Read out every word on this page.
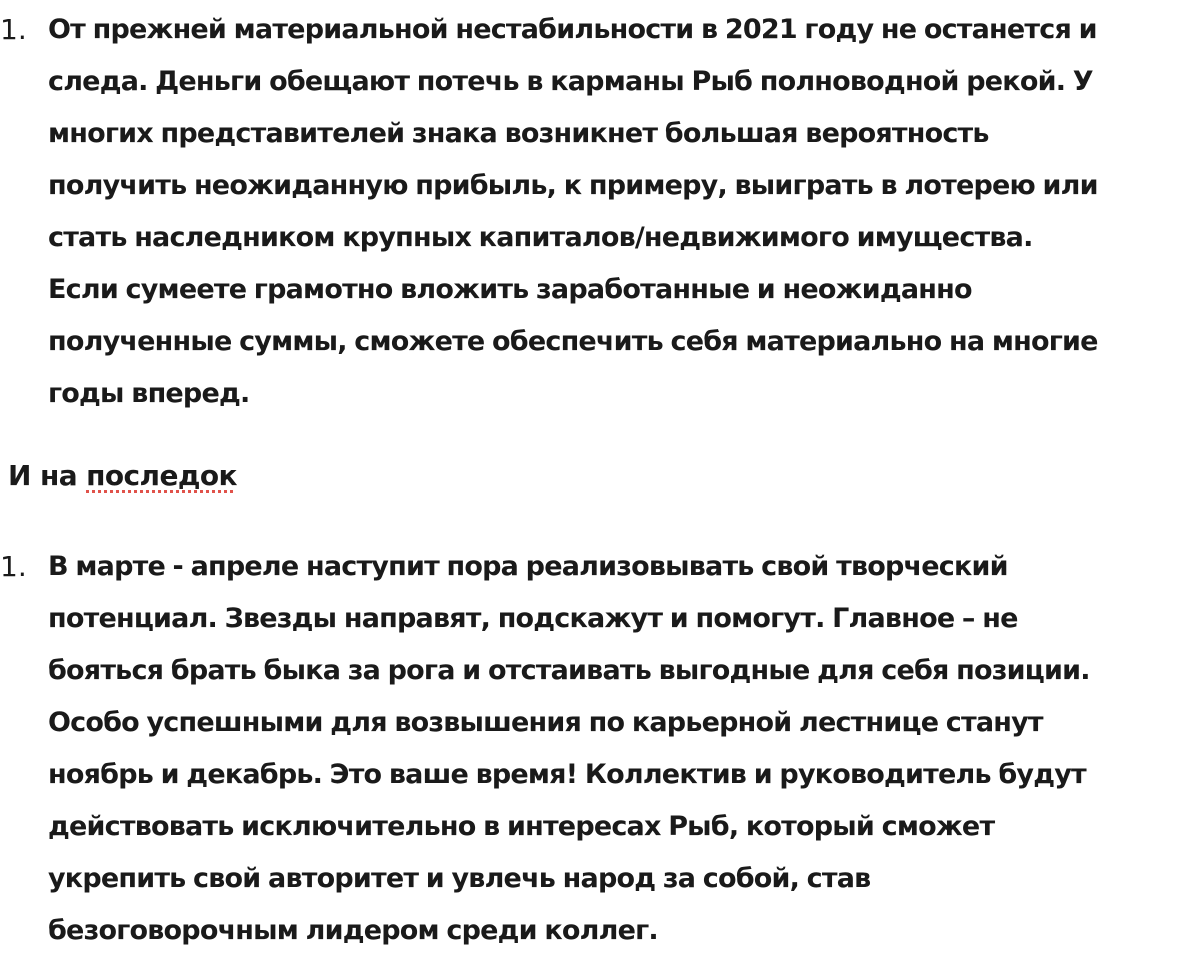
1. От прежней материальной нестабильности в 2021 году не останется и
следа. Деньги обещают потечь в карманы Рыб полноводной рекой. У
многих представителей знака возникнет большая вероятность
получить неожиданную прибыль, к примеру, выиграть в лотерею или
стать наследником крупных капиталов/недвижимого имущества.
Если сумеете грамотно вложить заработанные и неожиданно
полученные суммы, сможете обеспечить себя материально на многие
годы вперед.
И на последок
1. В марте - апреле наступит пора реализовывать свой творческий
потенциал. Звезды направят, подскажут и помогут. Главное – не
бояться брать быка за рога и отстаивать выгодные для себя позиции.
Особо успешными для возвышения по карьерной лестнице станут
ноябрь и декабрь. Это ваше время! Коллектив и руководитель будут
действовать исключительно в интересах Рыб, который сможет
укрепить свой авторитет и увлечь народ за собой, став
безоговорочным лидером среди коллег.
